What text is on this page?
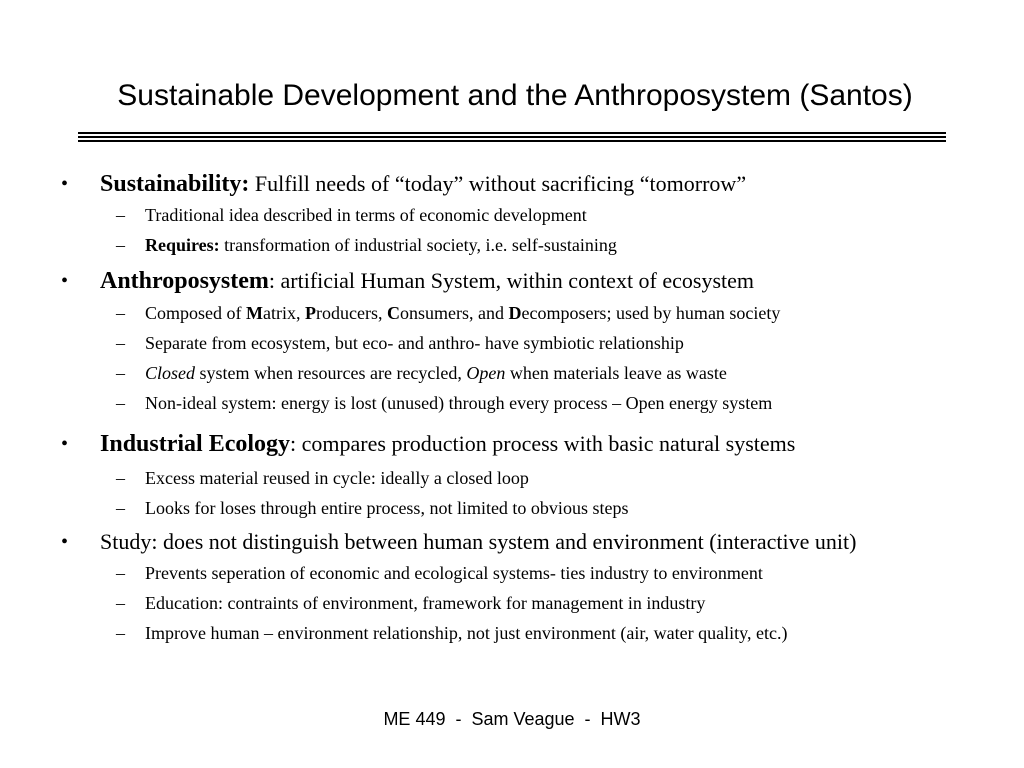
Sustainable Development and the Anthroposystem (Santos)
• Sustainability: Fulfill needs of “today” without sacrificing “tomorrow”
– Traditional idea described in terms of economic development
– Requires: transformation of industrial society, i.e. self-sustaining
• Anthroposystem: artificial Human System, within context of ecosystem
– Composed of Matrix, Producers, Consumers, and Decomposers; used by human society
– Separate from ecosystem, but eco- and anthro- have symbiotic relationship
– Closed system when resources are recycled, Open when materials leave as waste
– Non-ideal system: energy is lost (unused) through every process – Open energy system
• Industrial Ecology: compares production process with basic natural systems
– Excess material reused in cycle: ideally a closed loop
– Looks for loses through entire process, not limited to obvious steps
• Study: does not distinguish between human system and environment (interactive unit)
– Prevents seperation of economic and ecological systems- ties industry to environment
– Education: contraints of environment, framework for management in industry
– Improve human – environment relationship, not just environment (air, water quality, etc.)
ME 449  -  Sam Veague  -  HW3
